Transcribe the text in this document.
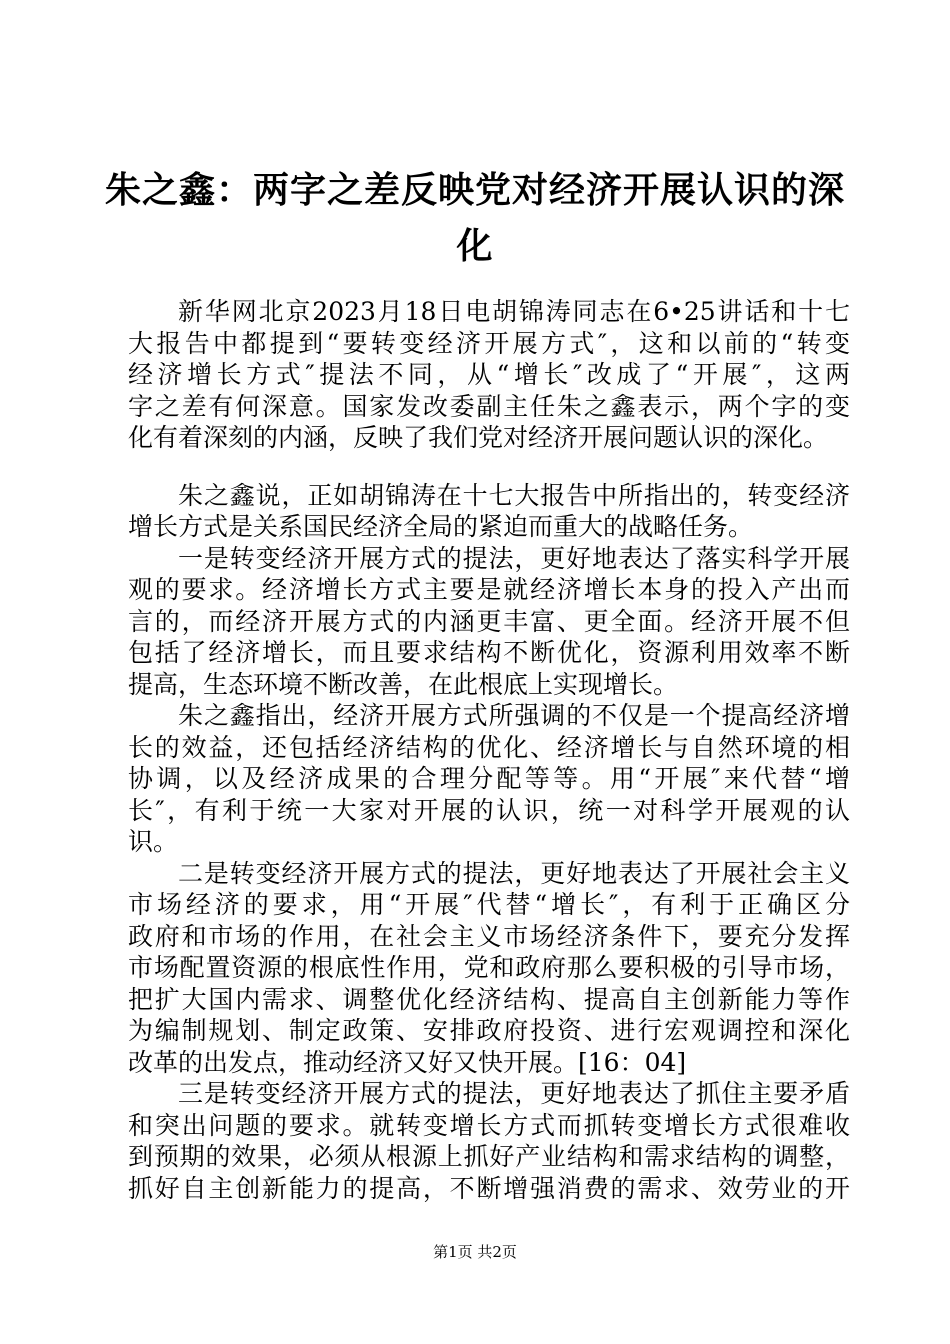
朱之鑫：两字之差反映党对经济开展认识的深
化
新华网北京2023月18日电胡锦涛同志在6•25讲话和十七
大报告中都提到“要转变经济开展方式″，这和以前的“转变
经济增长方式″提法不同，从“增长″改成了“开展″，这两
字之差有何深意。国家发改委副主任朱之鑫表示，两个字的变
化有着深刻的内涵，反映了我们党对经济开展问题认识的深化。
朱之鑫说，正如胡锦涛在十七大报告中所指出的，转变经济
增长方式是关系国民经济全局的紧迫而重大的战略任务。
一是转变经济开展方式的提法，更好地表达了落实科学开展
观的要求。经济增长方式主要是就经济增长本身的投入产出而
言的，而经济开展方式的内涵更丰富、更全面。经济开展不但
包括了经济增长，而且要求结构不断优化，资源利用效率不断
提高，生态环境不断改善，在此根底上实现增长。
朱之鑫指出，经济开展方式所强调的不仅是一个提高经济增
长的效益，还包括经济结构的优化、经济增长与自然环境的相
协调，以及经济成果的合理分配等等。用“开展″来代替“增
长″，有利于统一大家对开展的认识，统一对科学开展观的认
识。
二是转变经济开展方式的提法，更好地表达了开展社会主义
市场经济的要求，用“开展″代替“增长″，有利于正确区分
政府和市场的作用，在社会主义市场经济条件下，要充分发挥
市场配置资源的根底性作用，党和政府那么要积极的引导市场，
把扩大国内需求、调整优化经济结构、提高自主创新能力等作
为编制规划、制定政策、安排政府投资、进行宏观调控和深化
改革的出发点，推动经济又好又快开展。[16：04]
三是转变经济开展方式的提法，更好地表达了抓住主要矛盾
和突出问题的要求。就转变增长方式而抓转变增长方式很难收
到预期的效果，必须从根源上抓好产业结构和需求结构的调整，
抓好自主创新能力的提高，不断增强消费的需求、效劳业的开
第1页 共2页
